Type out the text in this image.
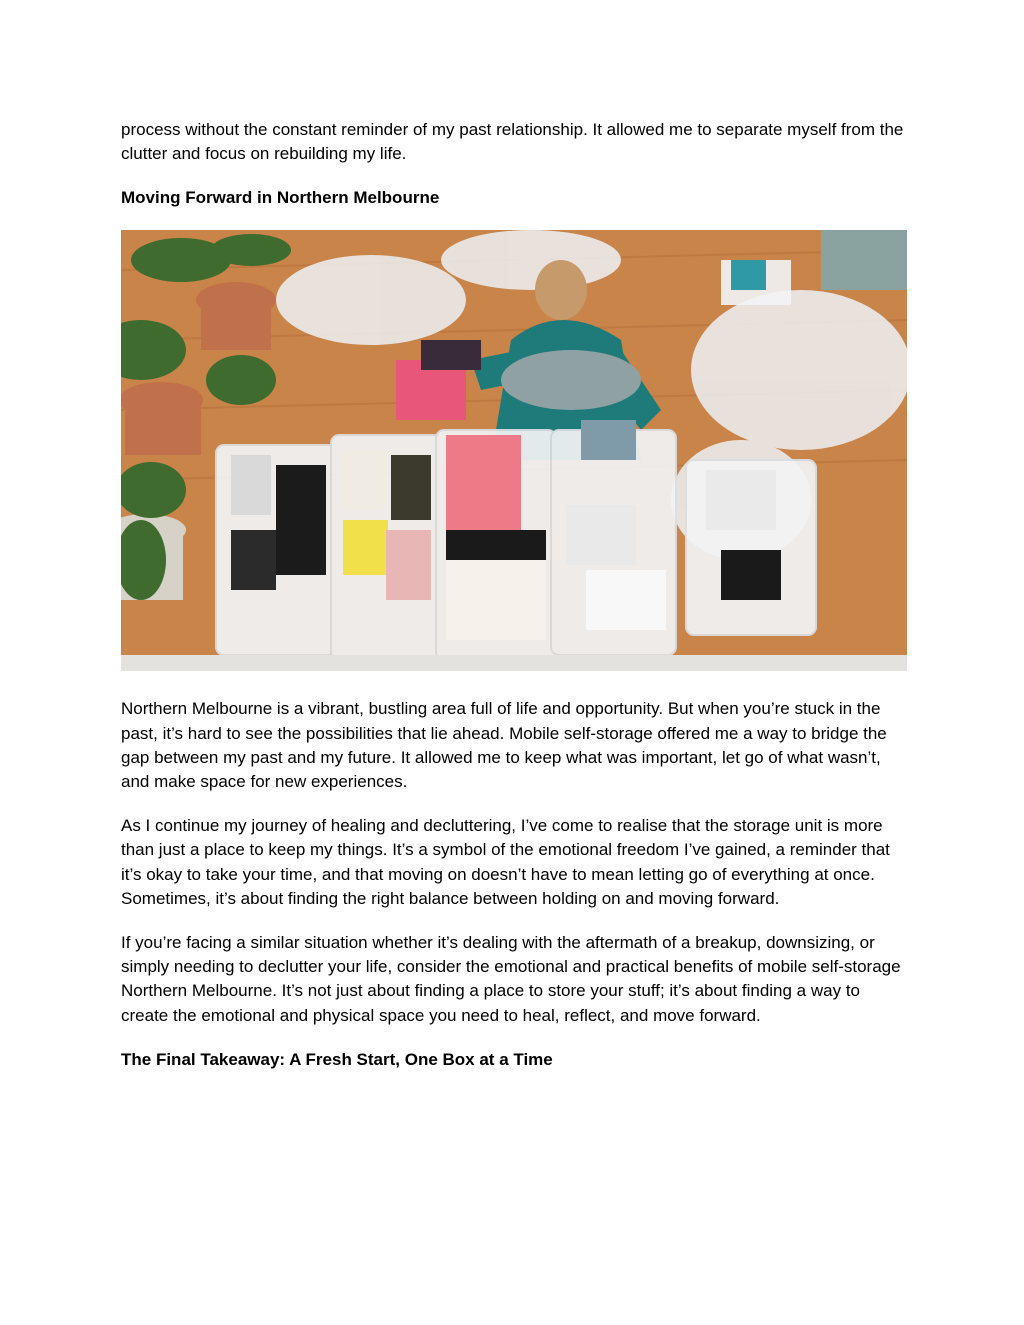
process without the constant reminder of my past relationship. It allowed me to separate myself from the clutter and focus on rebuilding my life.

Moving Forward in Northern Melbourne

Northern Melbourne is a vibrant, bustling area full of life and opportunity. But when you’re stuck in the past, it’s hard to see the possibilities that lie ahead. Mobile self-storage offered me a way to bridge the gap between my past and my future. It allowed me to keep what was important, let go of what wasn’t, and make space for new experiences.

As I continue my journey of healing and decluttering, I’ve come to realise that the storage unit is more than just a place to keep my things. It’s a symbol of the emotional freedom I’ve gained, a reminder that it’s okay to take your time, and that moving on doesn’t have to mean letting go of everything at once. Sometimes, it’s about finding the right balance between holding on and moving forward.

If you’re facing a similar situation whether it’s dealing with the aftermath of a breakup, downsizing, or simply needing to declutter your life, consider the emotional and practical benefits of mobile self-storage Northern Melbourne. It’s not just about finding a place to store your stuff; it’s about finding a way to create the emotional and physical space you need to heal, reflect, and move forward.

The Final Takeaway: A Fresh Start, One Box at a Time
